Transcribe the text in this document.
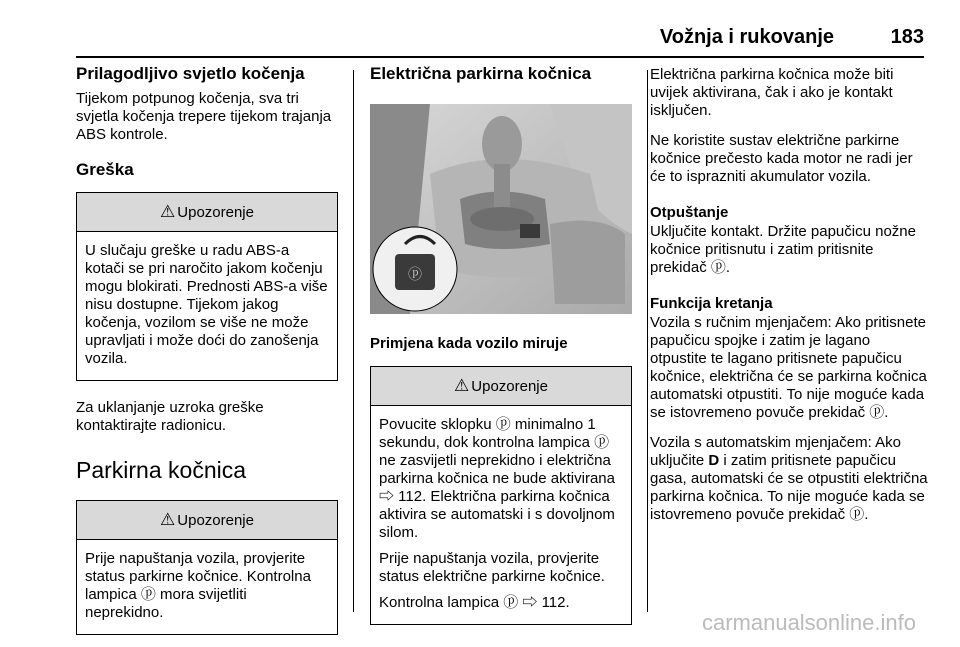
Vožnja i rukovanje	183
Prilagodljivo svjetlo kočenja

Tijekom potpunog kočenja, sva tri svjetla kočenja trepere tijekom trajanja ABS kontrole.

Greška
⚠ Upozorenje

U slučaju greške u radu ABS-a kotači se pri naročito jakom kočenju mogu blokirati. Prednosti ABS-a više nisu dostupne. Tijekom jakog kočenja, vozilom se više ne može upravljati i može doći do zanošenja vozila.

Za uklanjanje uzroka greške kontaktirajte radionicu.

Parkirna kočnica
⚠ Upozorenje

Prije napuštanja vozila, provjerite status parkirne kočnice. Kontrolna lampica ⓟ mora svijetliti neprekidno.

Električna parkirna kočnica
ⓟ
Primjena kada vozilo miruje
⚠ Upozorenje

Povucite sklopku ⓟ minimalno 1 sekundu, dok kontrolna lampica ⓟ ne zasvijetli neprekidno i električna parkirna kočnica ne bude aktivirana ⇨ 112. Električna parkirna kočnica aktivira se automatski i s dovoljnom silom.

Prije napuštanja vozila, provjerite status električne parkirne kočnice.

Kontrolna lampica ⓟ ⇨ 112.

Električna parkirna kočnica može biti uvijek aktivirana, čak i ako je kontakt isključen.

Ne koristite sustav električne parkirne kočnice prečesto kada motor ne radi jer će to isprazniti akumulator vozila.

Otpuštanje

Uključite kontakt. Držite papučicu nožne kočnice pritisnutu i zatim pritisnite prekidač ⓟ.

Funkcija kretanja

Vozila s ručnim mjenjačem: Ako pritisnete papučicu spojke i zatim je lagano otpustite te lagano pritisnete papučicu kočnice, električna će se parkirna kočnica automatski otpustiti. To nije moguće kada se istovremeno povuče prekidač ⓟ.

Vozila s automatskim mjenjačem: Ako uključite D i zatim pritisnete papučicu gasa, automatski će se otpustiti električna parkirna kočnica. To nije moguće kada se istovremeno povuče prekidač ⓟ.

carmanualsonline.info
